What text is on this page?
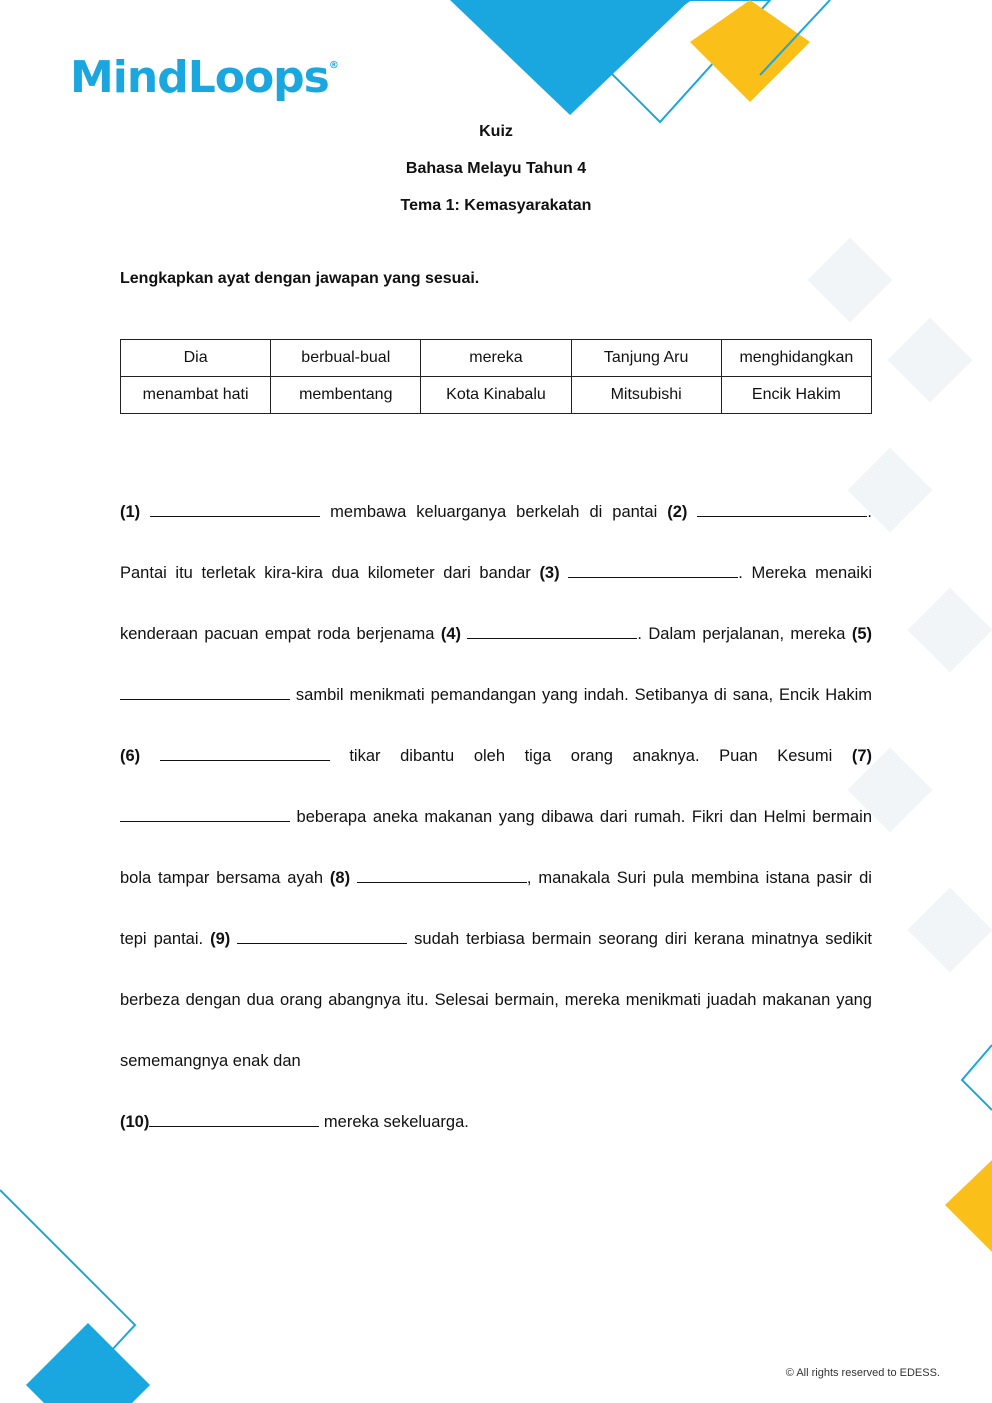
MindLoops®
Kuiz
Bahasa Melayu Tahun 4
Tema 1: Kemasyarakatan
Lengkapkan ayat dengan jawapan yang sesuai.
Dia	berbual-bual	mereka	Tanjung Aru	menghidangkan
menambat hati	membentang	Kota Kinabalu	Mitsubishi	Encik Hakim
(1)	membawa keluarganya berkelah di pantai (2)	. Pantai itu terletak kira-kira dua kilometer dari bandar (3)	. Mereka menaiki kenderaan pacuan empat roda berjenama (4)	. Dalam perjalanan, mereka (5)  sambil menikmati pemandangan yang indah. Setibanya di sana, Encik Hakim (6)	tikar dibantu oleh tiga orang anaknya. Puan Kesumi (7)  beberapa aneka makanan yang dibawa dari rumah. Fikri dan Helmi bermain bola tampar bersama ayah (8)	, manakala Suri pula membina istana pasir di tepi pantai. (9)	sudah terbiasa bermain seorang diri kerana minatnya sedikit berbeza dengan dua orang abangnya itu. Selesai bermain, mereka menikmati juadah makanan yang sememangnya enak dan
(10)	mereka sekeluarga.
© All rights reserved to EDESS.
